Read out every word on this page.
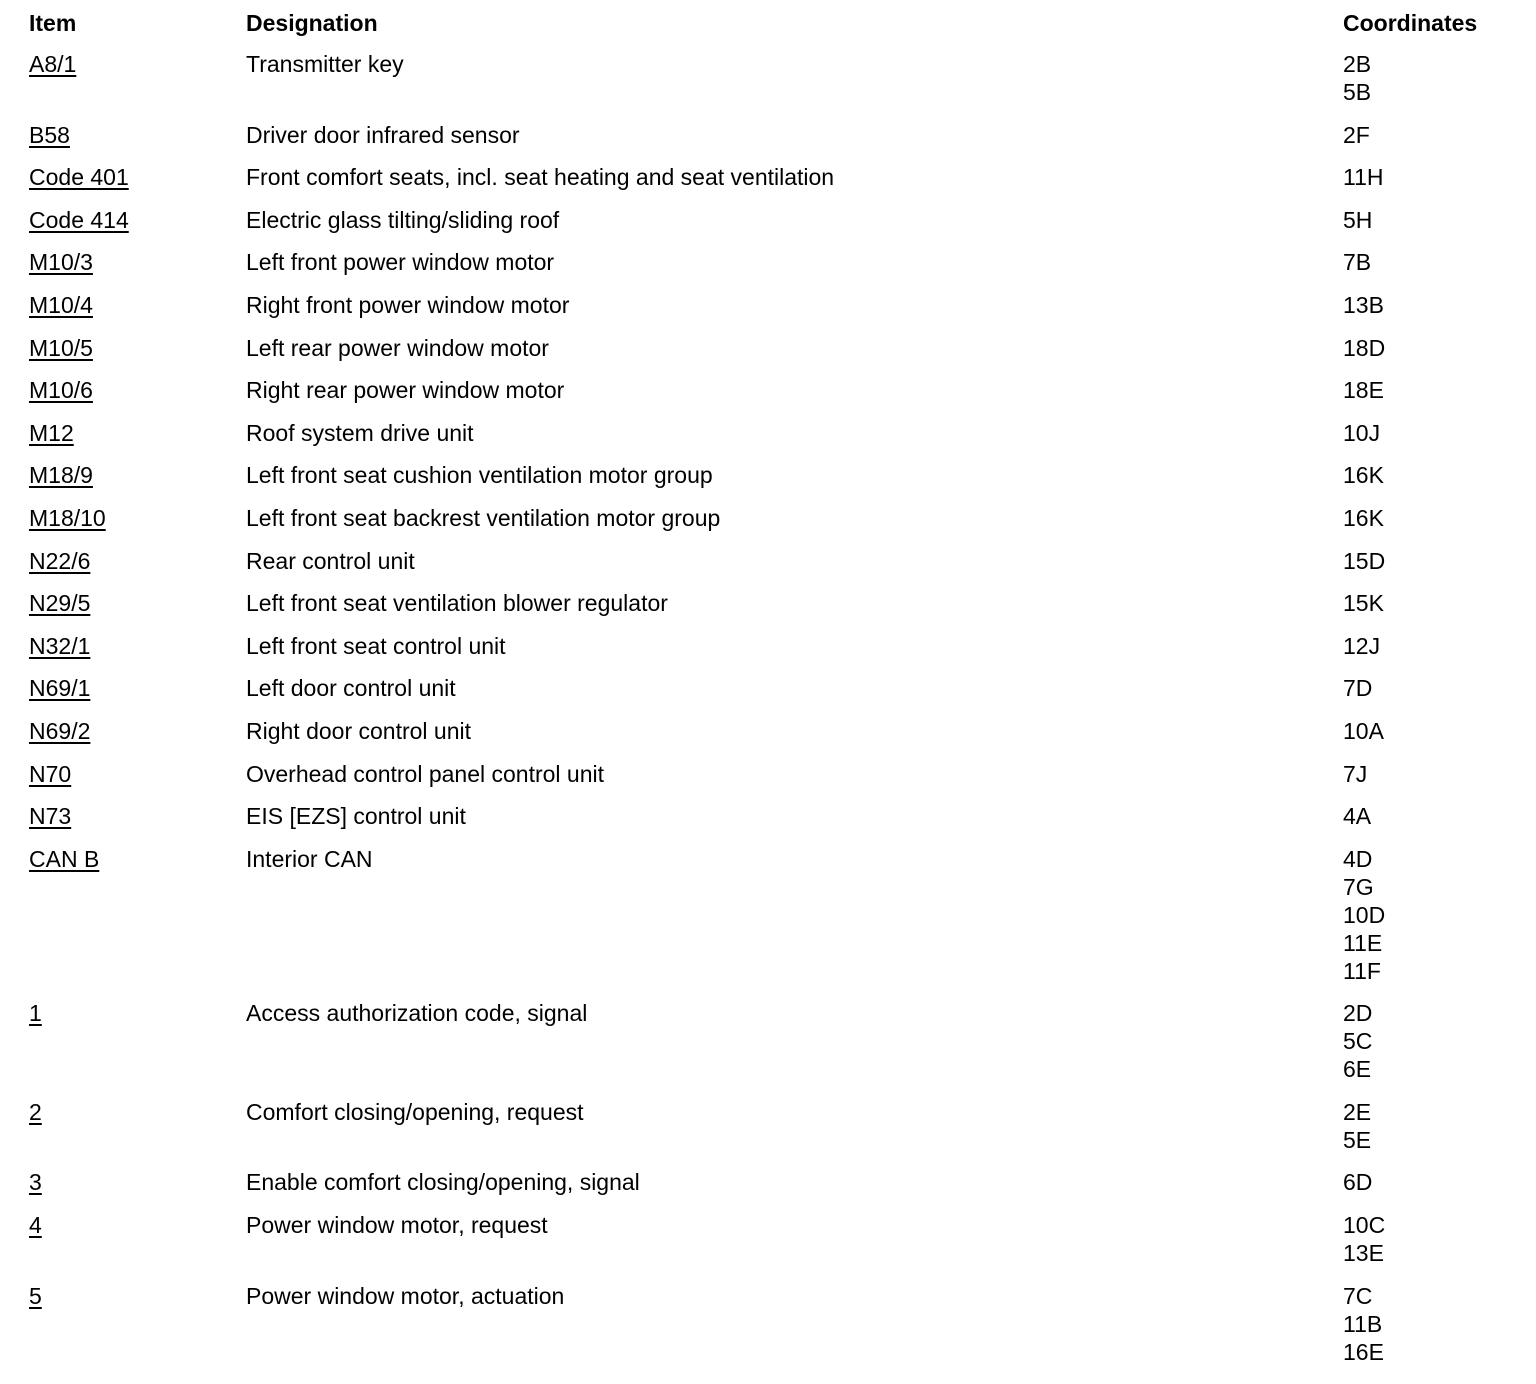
Item	Designation	Coordinates
A8/1	Transmitter key	2B
5B
B58	Driver door infrared sensor	2F
Code 401	Front comfort seats, incl. seat heating and seat ventilation	11H
Code 414	Electric glass tilting/sliding roof	5H
M10/3	Left front power window motor	7B
M10/4	Right front power window motor	13B
M10/5	Left rear power window motor	18D
M10/6	Right rear power window motor	18E
M12	Roof system drive unit	10J
M18/9	Left front seat cushion ventilation motor group	16K
M18/10	Left front seat backrest ventilation motor group	16K
N22/6	Rear control unit	15D
N29/5	Left front seat ventilation blower regulator	15K
N32/1	Left front seat control unit	12J
N69/1	Left door control unit	7D
N69/2	Right door control unit	10A
N70	Overhead control panel control unit	7J
N73	EIS [EZS] control unit	4A
CAN B	Interior CAN	4D
7G
10D
11E
11F
1	Access authorization code, signal	2D
5C
6E
2	Comfort closing/opening, request	2E
5E
3	Enable comfort closing/opening, signal	6D
4	Power window motor, request	10C
13E
5	Power window motor, actuation	7C
11B
16E
